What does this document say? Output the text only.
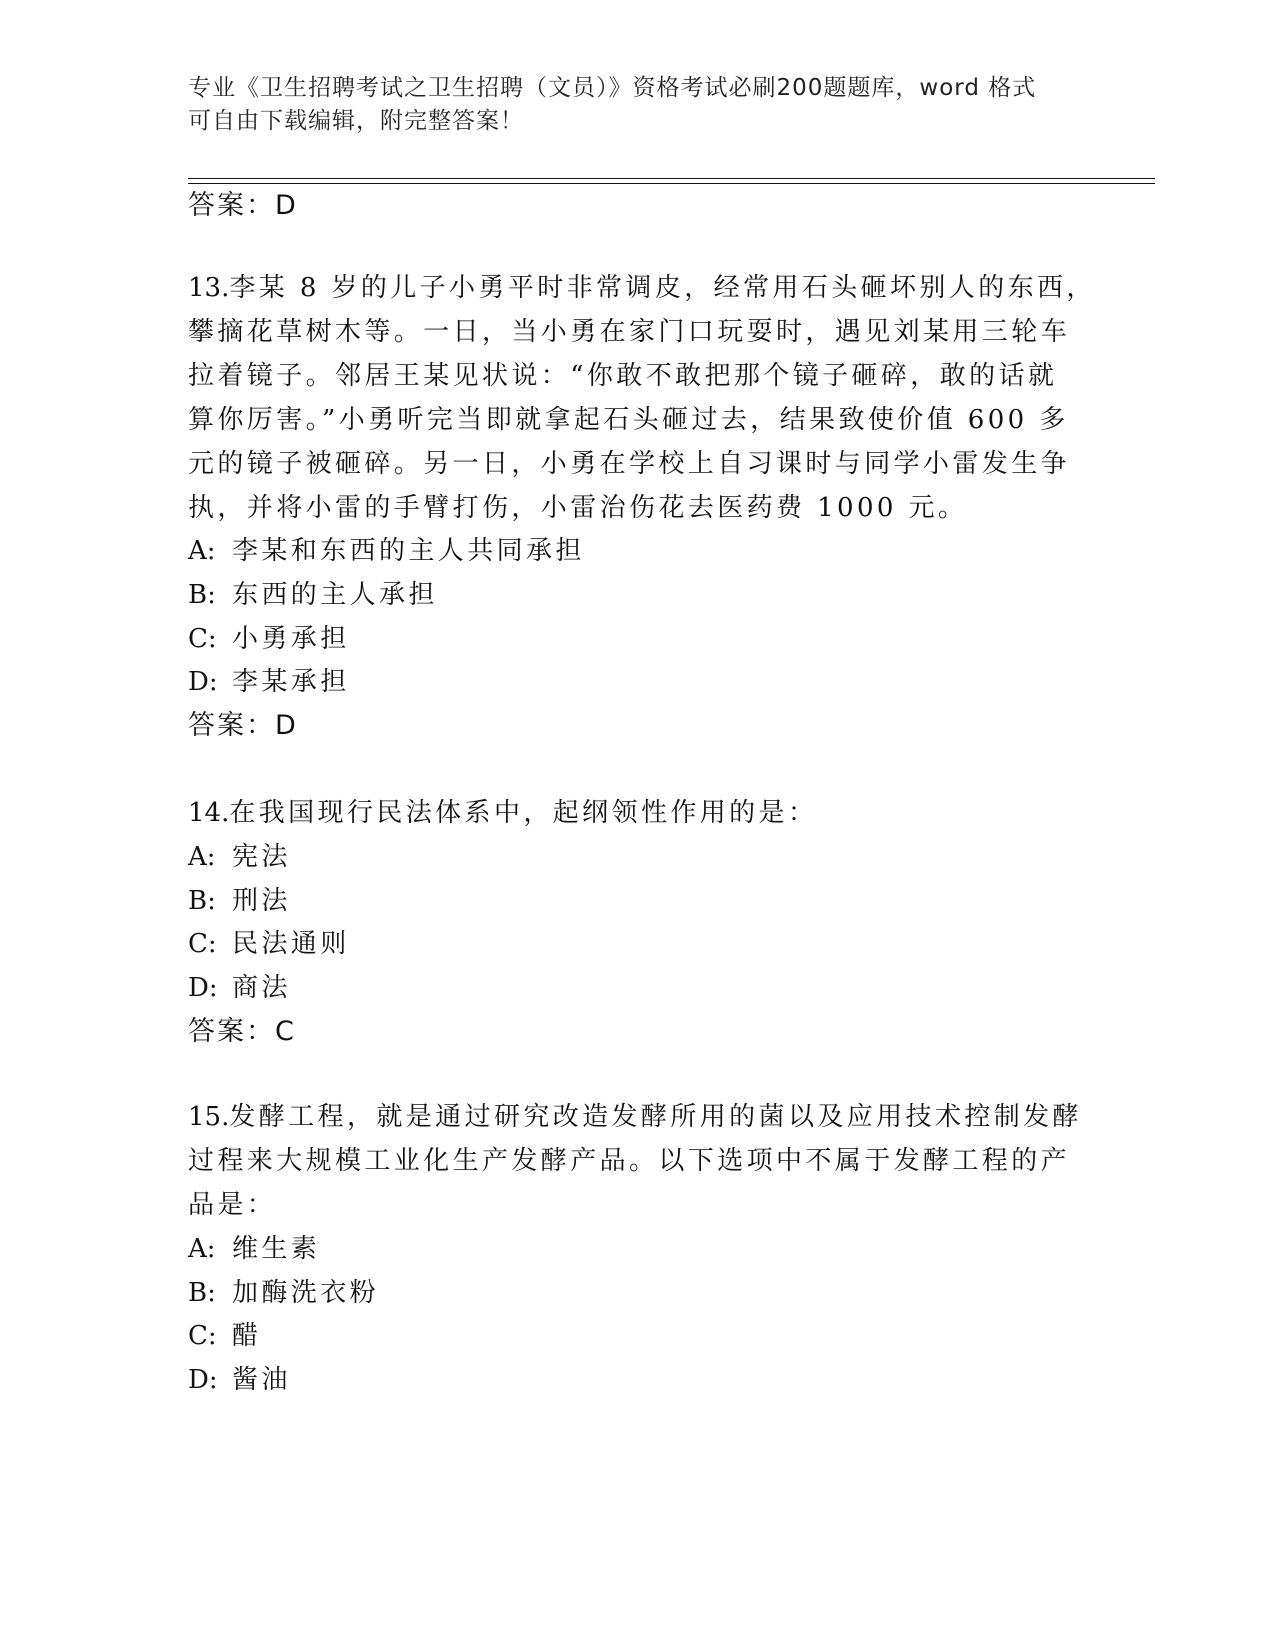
专业《卫生招聘考试之卫生招聘（文员）》资格考试必刷200题题库，word 格式
可自由下载编辑，附完整答案！
答案：D
13.李某 8 岁的儿子小勇平时非常调皮，经常用石头砸坏别人的东西，
攀摘花草树木等。一日，当小勇在家门口玩耍时，遇见刘某用三轮车
拉着镜子。邻居王某见状说：“你敢不敢把那个镜子砸碎，敢的话就
算你厉害。”小勇听完当即就拿起石头砸过去，结果致使价值 600 多
元的镜子被砸碎。另一日，小勇在学校上自习课时与同学小雷发生争
执，并将小雷的手臂打伤，小雷治伤花去医药费 1000 元。
A: 李某和东西的主人共同承担
B: 东西的主人承担
C: 小勇承担
D: 李某承担
答案：D
14.在我国现行民法体系中，起纲领性作用的是：
A: 宪法
B: 刑法
C: 民法通则
D: 商法
答案：C
15.发酵工程，就是通过研究改造发酵所用的菌以及应用技术控制发酵
过程来大规模工业化生产发酵产品。以下选项中不属于发酵工程的产
品是：
A: 维生素
B: 加酶洗衣粉
C: 醋
D: 酱油
